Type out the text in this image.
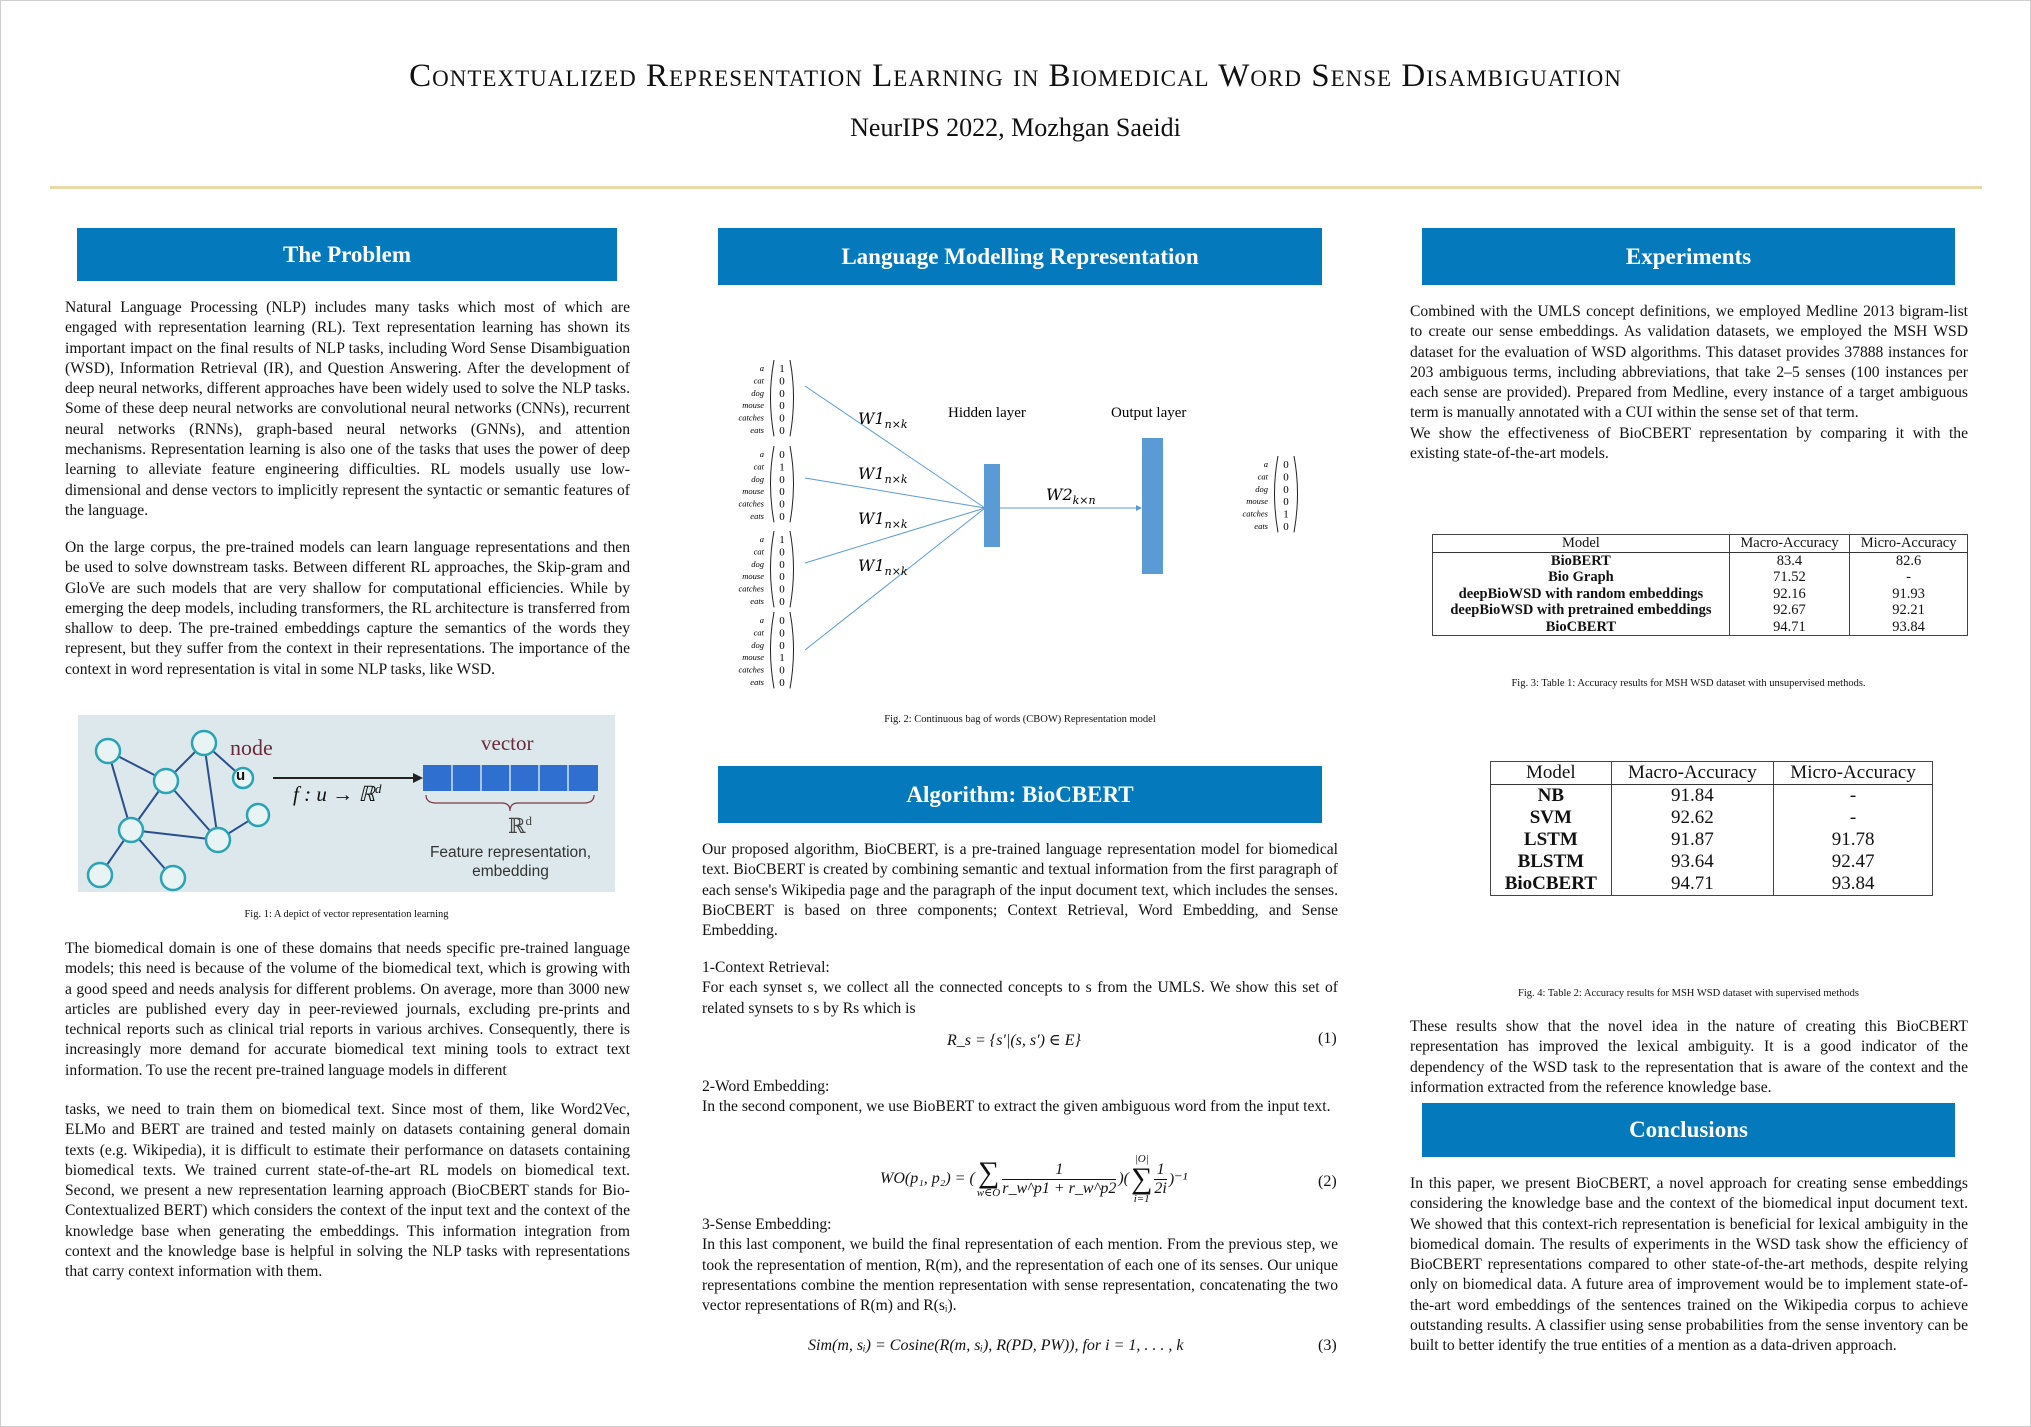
Contextualized Representation Learning in Biomedical Word Sense Disambiguation
NeurIPS 2022, Mozhgan Saeidi
The Problem
Natural Language Processing (NLP) includes many tasks which most of which are engaged with representation learning (RL). Text representation learning has shown its important impact on the final results of NLP tasks, including Word Sense Disambiguation (WSD), Information Retrieval (IR), and Question Answering. After the development of deep neural networks, different approaches have been widely used to solve the NLP tasks. Some of these deep neural networks are convolutional neural networks (CNNs), recurrent neural networks (RNNs), graph-based neural networks (GNNs), and attention mechanisms. Representation learning is also one of the tasks that uses the power of deep learning to alleviate feature engineering difficulties. RL models usually use low-dimensional and dense vectors to implicitly represent the syntactic or semantic features of the language.
On the large corpus, the pre-trained models can learn language representations and then be used to solve downstream tasks. Between different RL approaches, the Skip-gram and GloVe are such models that are very shallow for computational efficiencies. While by emerging the deep models, including transformers, the RL architecture is transferred from shallow to deep. The pre-trained embeddings capture the semantics of the words they represent, but they suffer from the context in their representations. The importance of the context in word representation is vital in some NLP tasks, like WSD.
node
u
f : u → ℝ$^d$
vector
ℝ$^d$
Feature representation,
embedding
Fig. 1: A depict of vector representation learning
The biomedical domain is one of these domains that needs specific pre-trained language models; this need is because of the volume of the biomedical text, which is growing with a good speed and needs analysis for different problems. On average, more than 3000 new articles are published every day in peer-reviewed journals, excluding pre-prints and technical reports such as clinical trial reports in various archives. Consequently, there is increasingly more demand for accurate biomedical text mining tools to extract text information. To use the recent pre-trained language models in different
tasks, we need to train them on biomedical text. Since most of them, like Word2Vec, ELMo and BERT are trained and tested mainly on datasets containing general domain texts (e.g. Wikipedia), it is difficult to estimate their performance on datasets containing biomedical texts. We trained current state-of-the-art RL models on biomedical text. Second, we present a new representation learning approach (BioCBERT stands for Bio-Contextualized BERT) which considers the context of the input text and the context of the knowledge base when generating the embeddings. This information integration from context and the knowledge base is helpful in solving the NLP tasks with representations that carry context information with them.
Language Modelling Representation
a
cat
dog
mouse
catches
eats
1
0
0
0
0
0
a
cat
dog
mouse
catches
eats
0
1
0
0
0
0
a
cat
dog
mouse
catches
eats
1
0
0
0
0
0
a
cat
dog
mouse
catches
eats
0
0
0
1
0
0
a
cat
dog
mouse
catches
eats
0
0
0
0
1
0
$W1_{n\times k}$
$W1_{n\times k}$
$W1_{n\times k}$
$W1_{n\times k}$
$W2_{k\times n}$
Hidden layer	Output layer
Fig. 2: Continuous bag of words (CBOW) Representation model
Algorithm: BioCBERT
Our proposed algorithm, BioCBERT, is a pre-trained language representation model for biomedical text. BioCBERT is created by combining semantic and textual information from the first paragraph of each sense's Wikipedia page and the paragraph of the input document text, which includes the senses. BioCBERT is based on three components; Context Retrieval, Word Embedding, and Sense Embedding.

1-Context Retrieval:

For each synset s, we collect all the connected concepts to s from the UMLS. We show this set of related synsets to s by Rs which is

R_s = {s′|(s, s′) ∈ E}	(1)

2-Word Embedding:

In the second component, we use BioBERT to extract the given ambiguous word from the input text.

WO(p₁, p₂) = ( ∑
w∈O $\frac{1}{r\_w\^{}p1 + r\_w\^{}p2}$ )(
|O|
∑
i=1
$\frac{1}{2i} )^{-1}$	(2)

3-Sense Embedding:

In this last component, we build the final representation of each mention. From the previous step, we took the representation of mention, R(m), and the representation of each one of its senses. Our unique representations combine the mention representation with sense representation, concatenating the two vector representations of R(m) and R(sᵢ).

Sim(m, sᵢ) = Cosine(R(m, sᵢ), R(PD, PW)), for i = 1, . . . , k	(3)
Experiments

Combined with the UMLS concept definitions, we employed Medline 2013 bigram-list to create our sense embeddings. As validation datasets, we employed the MSH WSD dataset for the evaluation of WSD algorithms. This dataset provides 37888 instances for 203 ambiguous terms, including abbreviations, that take 2–5 senses (100 instances per each sense are provided). Prepared from Medline, every instance of a target ambiguous term is manually annotated with a CUI within the sense set of that term.

We show the effectiveness of BioCBERT representation by comparing it with the existing state-of-the-art models.

Model	Macro-Accuracy	Micro-Accuracy
BioBERT	83.4	82.6
Bio Graph	71.52	-
deepBioWSD with random embeddings	92.16	91.93
deepBioWSD with pretrained embeddings	92.67	92.21
BioCBERT	94.71	93.84
Fig. 3: Table 1: Accuracy results for MSH WSD dataset with unsupervised methods.
Model	Macro-Accuracy	Micro-Accuracy
NB	91.84	-
SVM	92.62	-
LSTM	91.87	91.78
BLSTM	93.64	92.47
BioCBERT	94.71	93.84
Fig. 4: Table 2: Accuracy results for MSH WSD dataset with supervised methods
These results show that the novel idea in the nature of creating this BioCBERT representation has improved the lexical ambiguity. It is a good indicator of the dependency of the WSD task to the representation that is aware of the context and the information extracted from the reference knowledge base.
Conclusions
In this paper, we present BioCBERT, a novel approach for creating sense embeddings considering the knowledge base and the context of the biomedical input document text. We showed that this context-rich representation is beneficial for lexical ambiguity in the biomedical domain. The results of experiments in the WSD task show the efficiency of BioCBERT representations compared to other state-of-the-art methods, despite relying only on biomedical data. A future area of improvement would be to implement state-of-the-art word embeddings of the sentences trained on the Wikipedia corpus to achieve outstanding results. A classifier using sense probabilities from the sense inventory can be built to better identify the true entities of a mention as a data-driven approach.
